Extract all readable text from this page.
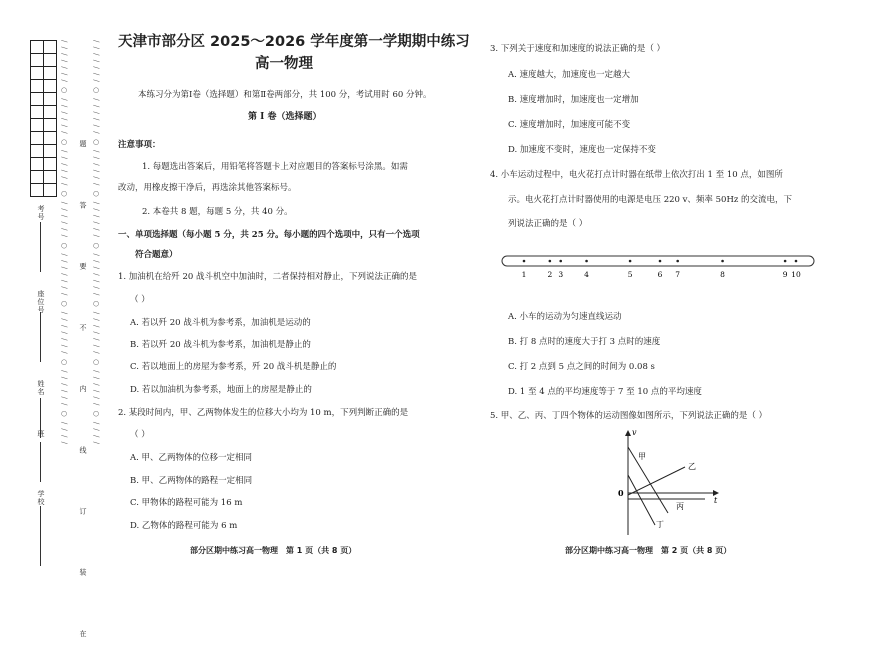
考号
座位号
姓名
班
学校
/ / / / / / / ○ / / / / / / ○ / / / / / / ○ / / / / / / ○ / / / / / / / ○ / / / / / / / ○ / / / / / / ○ / / / / 题 答 要 不 内 线 订 装 在 / / / / / / / ○ / / / / / / ○ / / / / / / ○ / / / / / / ○ / / / / / / / ○ / / / / / / / ○ / / / / / / ○ / / / / 天津市部分区 2025～2026 学年度第一学期期中练习
高一物理
本练习分为第Ⅰ卷（选择题）和第Ⅱ卷两部分，共 100 分，考试用时 60 分钟。
第 Ⅰ 卷（选择题）
注意事项：
1. 每题选出答案后，用铅笔将答题卡上对应题目的答案标号涂黑。如需
改动，用橡皮擦干净后，再选涂其他答案标号。
2. 本卷共 8 题，每题 5 分，共 40 分。
一、单项选择题（每小题 5 分，共 25 分。每小题的四个选项中，只有一个选项
符合题意）
1. 加油机在给歼 20 战斗机空中加油时，二者保持相对静止，下列说法正确的是
（ ）
A. 若以歼 20 战斗机为参考系，加油机是运动的
B. 若以歼 20 战斗机为参考系，加油机是静止的
C. 若以地面上的房屋为参考系，歼 20 战斗机是静止的
D. 若以加油机为参考系，地面上的房屋是静止的
2. 某段时间内，甲、乙两物体发生的位移大小均为 10 m，下列判断正确的是
（ ）
A. 甲、乙两物体的位移一定相同
B. 甲、乙两物体的路程一定相同
C. 甲物体的路程可能为 16 m
D. 乙物体的路程可能为 6 m
部分区期中练习高一物理　第 1 页（共 8 页）
3. 下列关于速度和加速度的说法正确的是（ ）
A. 速度越大，加速度也一定越大
B. 速度增加时，加速度也一定增加
C. 速度增加时，加速度可能不变
D. 加速度不变时，速度也一定保持不变
4. 小车运动过程中，电火花打点计时器在纸带上依次打出 1 至 10 点，如图所
示。电火花打点计时器使用的电源是电压 220 v、频率 50Hz 的交流电，下
列说法正确的是（ ）
1	2 3	4	5	6 7	8	9 10
A. 小车的运动为匀速直线运动
B. 打 8 点时的速度大于打 3 点时的速度
C. 打 2 点到 5 点之间的时间为 0.08 s
D. 1 至 4 点的平均速度等于 7 至 10 点的平均速度
5. 甲、乙、丙、丁四个物体的运动图像如图所示，下列说法正确的是（ ）
v
t
0
甲
乙
丙
丁
部分区期中练习高一物理　第 2 页（共 8 页）
